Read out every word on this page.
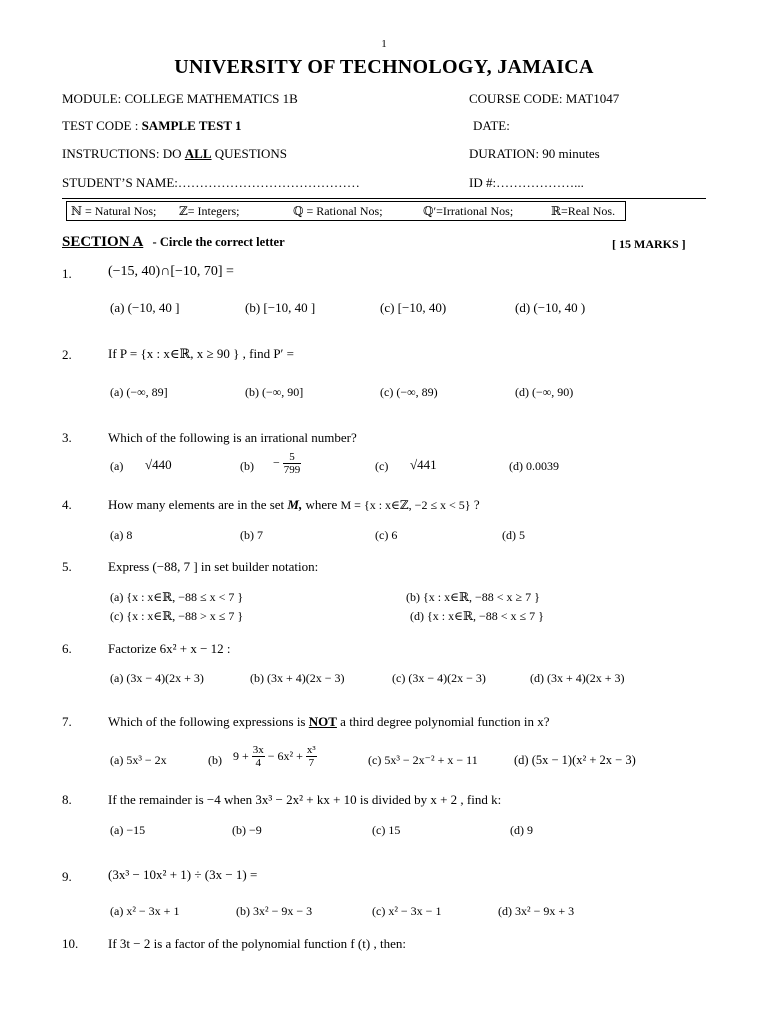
1
UNIVERSITY OF TECHNOLOGY, JAMAICA
MODULE: COLLEGE MATHEMATICS 1B	COURSE CODE: MAT1047
TEST CODE : SAMPLE TEST 1	DATE:
INSTRUCTIONS: DO ALL QUESTIONS	DURATION: 90 minutes
STUDENT’S NAME:……………………………………	ID #:………………...
ℕ = Natural Nos; ℤ= Integers;	ℚ = Rational Nos;	ℚ′=Irrational Nos;	ℝ=Real Nos.
SECTION A - Circle the correct letter	[ 15 MARKS ]
1.	(−15, 40)∩[−10, 70] =
(a) (−10, 40 ]	(b) [−10, 40 ]	(c) [−10, 40)	(d) (−10, 40 )
2.	If P = {x : x∈ℝ, x ≥ 90 } , find P′ =
(a) (−∞, 89]	(b) (−∞, 90]	(c) (−∞, 89)	(d) (−∞, 90)
3.	Which of the following is an irrational number?
(a) √440	$(b) - \frac{5}{799}$	(c) √441	(d) 0.0039
4.	How many elements are in the set M, where M = {x : x∈ℤ, −2 ≤ x < 5} ?
(a) 8	(b) 7	(c) 6	(d) 5
5.	Express (−88, 7 ] in set builder notation:
(a) {x : x∈ℝ, −88 ≤ x < 7 }	(b) {x : x∈ℝ, −88 < x ≥ 7 }
(c) {x : x∈ℝ, −88 > x ≤ 7 }	(d) {x : x∈ℝ, −88 < x ≤ 7 }
6.	Factorize 6x² + x − 12 :
(a) (3x − 4)(2x + 3)	(b) (3x + 4)(2x − 3)	(c) (3x − 4)(2x − 3)	(d) (3x + 4)(2x + 3)
7.	Which of the following expressions is NOT a third degree polynomial function in x?
(a) 5x³ − 2x	(b) $9 + \frac{3x}{4} - 6x^2 + \frac{\text{x³}}{7}$	(c) 5x³ − 2x⁻² + x − 11	(d) (5x − 1)(x² + 2x − 3)
8.	If the remainder is −4 when 3x³ − 2x² + kx + 10 is divided by x + 2 , find k:
(a) −15	(b) −9	(c) 15	(d) 9
9.	(3x³ − 10x² + 1) ÷ (3x − 1) =
(a) x² − 3x + 1	(b) 3x² − 9x − 3	(c) x² − 3x − 1	(d) 3x² − 9x + 3
10. If 3t − 2 is a factor of the polynomial function f (t) , then:
